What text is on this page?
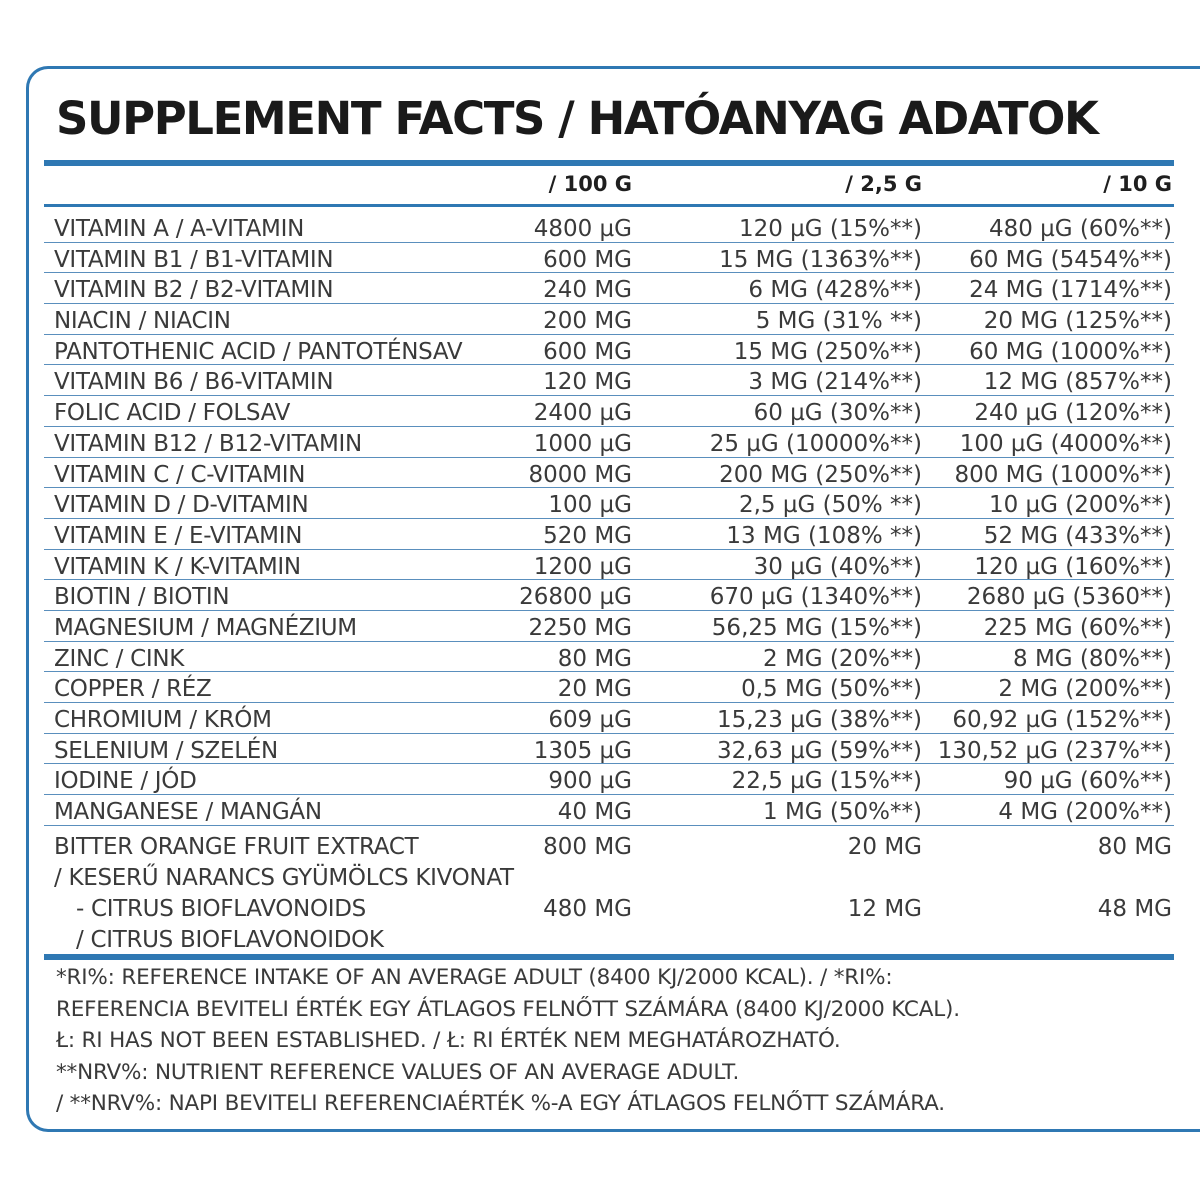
SUPPLEMENT FACTS / HATÓANYAG ADATOK
/ 100 G	/ 2,5 G	/ 10 G
VITAMIN A / A-VITAMIN	4800 µG	120 µG (15%**)	480 µG (60%**)
VITAMIN B1 / B1-VITAMIN	600 MG	15 MG (1363%**) 60 MG (5454%**)
VITAMIN B2 / B2-VITAMIN	240 MG	6 MG (428%**) 24 MG (1714%**)
NIACIN / NIACIN	200 MG	5 MG (31% **)	20 MG (125%**)
PANTOTHENIC ACID / PANTOTÉNSAV	600 MG	15 MG (250%**) 60 MG (1000%**)
VITAMIN B6 / B6-VITAMIN	120 MG	3 MG (214%**)	12 MG (857%**)
FOLIC ACID / FOLSAV	2400 µG	60 µG (30%**) 240 µG (120%**)
VITAMIN B12 / B12-VITAMIN	1000 µG	25 µG (10000%**) 100 µG (4000%**)
VITAMIN C / C-VITAMIN	8000 MG	200 MG (250%**) 800 MG (1000%**)
VITAMIN D / D-VITAMIN	100 µG	2,5 µG (50% **)	10 µG (200%**)
VITAMIN E / E-VITAMIN	520 MG	13 MG (108% **)	52 MG (433%**)
VITAMIN K / K-VITAMIN	1200 µG	30 µG (40%**) 120 µG (160%**)
BIOTIN / BIOTIN	26800 µG	670 µG (1340%**) 2680 µG (5360**)
MAGNESIUM / MAGNÉZIUM	2250 MG	56,25 MG (15%**)	225 MG (60%**)
ZINC / CINK	80 MG	2 MG (20%**)	8 MG (80%**)
COPPER / RÉZ	20 MG	0,5 MG (50%**)	2 MG (200%**)
CHROMIUM / KRÓM	609 µG	15,23 µG (38%**) 60,92 µG (152%**)
SELENIUM / SZELÉN	1305 µG	32,63 µG (59%**) 130,52 µG (237%**)
IODINE / JÓD	900 µG	22,5 µG (15%**)	90 µG (60%**)
MANGANESE / MANGÁN	40 MG	1 MG (50%**)	4 MG (200%**)
BITTER ORANGE FRUIT EXTRACT	800 MG	20 MG	80 MG
/ KESERŰ NARANCS GYÜMÖLCS KIVONAT
- CITRUS BIOFLAVONOIDS	480 MG	12 MG	48 MG
/ CITRUS BIOFLAVONOIDOK
*RI%: REFERENCE INTAKE OF AN AVERAGE ADULT (8400 KJ/2000 KCAL). / *RI%:
REFERENCIA BEVITELI ÉRTÉK EGY ÁTLAGOS FELNŐTT SZÁMÁRA (8400 KJ/2000 KCAL).
Ł: RI HAS NOT BEEN ESTABLISHED. / Ł: RI ÉRTÉK NEM MEGHATÁROZHATÓ.
**NRV%: NUTRIENT REFERENCE VALUES OF AN AVERAGE ADULT.
/ **NRV%: NAPI BEVITELI REFERENCIAÉRTÉK %-A EGY ÁTLAGOS FELNŐTT SZÁMÁRA.
